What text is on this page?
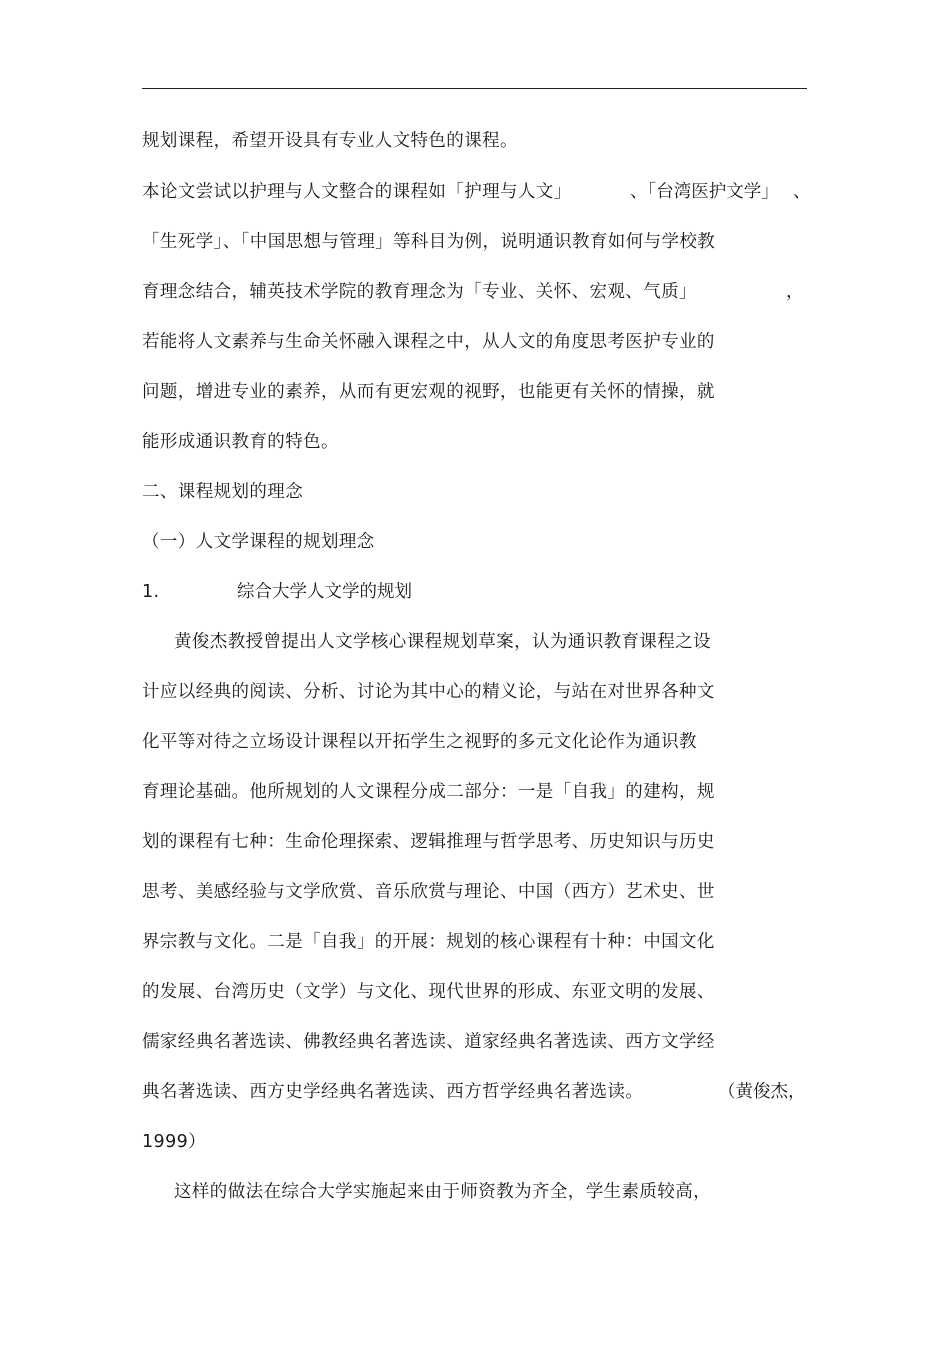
规划课程，希望开设具有专业人文特色的课程。
本论文尝试以护理与人文整合的课程如「护理与人文」	、「台湾医护文学」 、
「生死学」、「中国思想与管理」等科目为例，说明通识教育如何与学校教
育理念结合，辅英技术学院的教育理念为「专业、关怀、宏观、气质」	，
若能将人文素养与生命关怀融入课程之中，从人文的角度思考医护专业的
问题，增进专业的素养，从而有更宏观的视野，也能更有关怀的情操，就
能形成通识教育的特色。
二、课程规划的理念
（一）人文学课程的规划理念
1.	综合大学人文学的规划
黄俊杰教授曾提出人文学核心课程规划草案，认为通识教育课程之设
计应以经典的阅读、分析、讨论为其中心的精义论，与站在对世界各种文
化平等对待之立场设计课程以开拓学生之视野的多元文化论作为通识教
育理论基础。他所规划的人文课程分成二部分：一是「自我」的建构，规
划的课程有七种：生命伦理探索、逻辑推理与哲学思考、历史知识与历史
思考、美感经验与文学欣赏、音乐欣赏与理论、中国（西方）艺术史、世
界宗教与文化。二是「自我」的开展：规划的核心课程有十种：中国文化
的发展、台湾历史（文学）与文化、现代世界的形成、东亚文明的发展、
儒家经典名著选读、佛教经典名著选读、道家经典名著选读、西方文学经
典名著选读、西方史学经典名著选读、西方哲学经典名著选读。	（黄俊杰，
1999）
这样的做法在综合大学实施起来由于师资教为齐全，学生素质较高，
